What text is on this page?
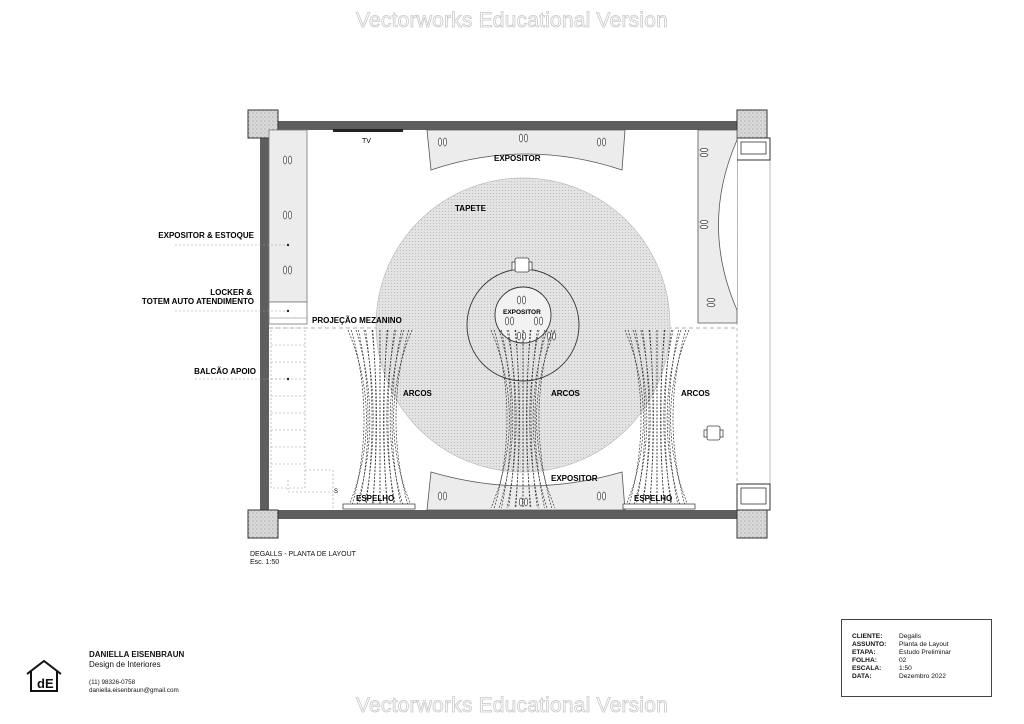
Vectorworks Educational Version
Vectorworks Educational Version
S
TV
EXPOSITOR
TAPETE
EXPOSITOR
PROJEÇÃO MEZANINO
ARCOS	ARCOS	ARCOS
EXPOSITOR
ESPELHO	ESPELHO
EXPOSITOR & ESTOQUE
LOCKER &
TOTEM AUTO ATENDIMENTO
BALCÃO APOIO
DEGALLS - PLANTA DE LAYOUT
Esc. 1:50
dE
DANIELLA EISENBRAUN
Design de Interiores
(11) 98326-0758
daniella.eisenbraun@gmail.com
CLIENTE:	Degalls
ASSUNTO: Planta de Layout
ETAPA:	Estudo Preliminar
FOLHA:	02
ESCALA:	1:50
DATA:	Dezembro 2022
